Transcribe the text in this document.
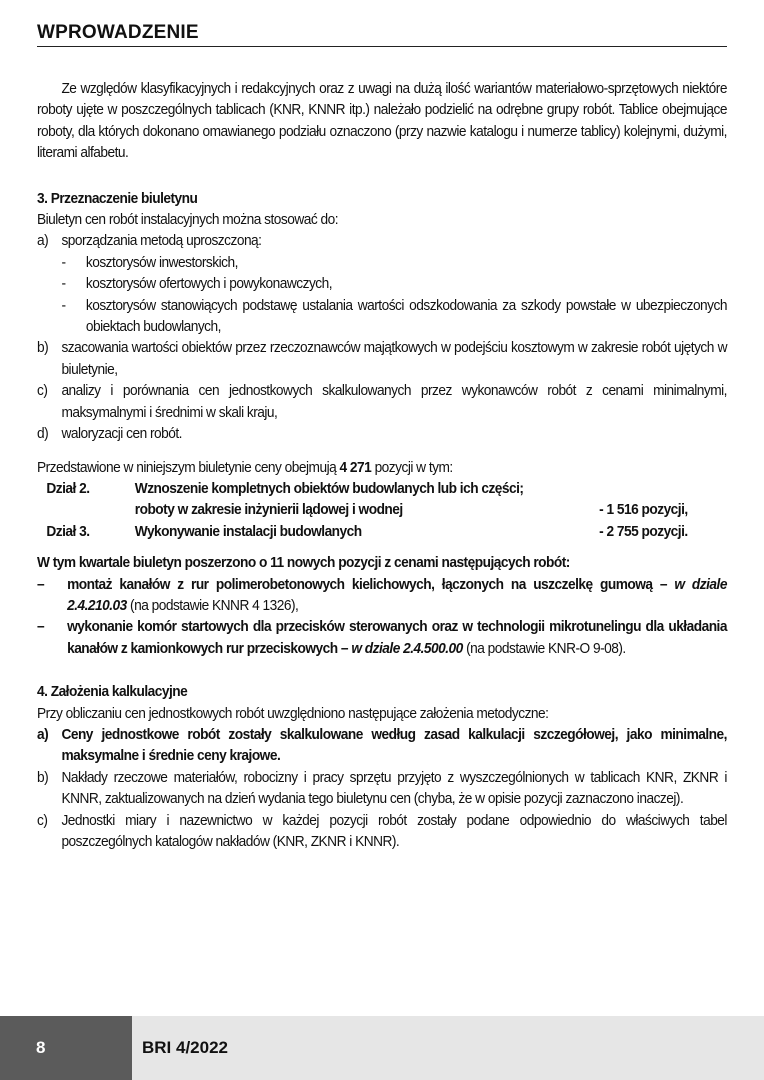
WPROWADZENIE

Ze względów klasyfikacyjnych i redakcyjnych oraz z uwagi na dużą ilość wariantów materiałowo-sprzętowych niektóre roboty ujęte w poszczególnych tablicach (KNR, KNNR itp.) należało podzielić na odrębne grupy robót. Tablice obejmujące roboty, dla których dokonano omawianego podziału oznaczono (przy nazwie katalogu i numerze tablicy) kolejnymi, dużymi, literami alfabetu.

3. Przeznaczenie biuletynu

Biuletyn cen robót instalacyjnych można stosować do:

a) sporządzania metodą uproszczoną:
-	kosztorysów inwestorskich,
-	kosztorysów ofertowych i powykonawczych,
-	kosztorysów stanowiących podstawę ustalania wartości odszkodowania za szkody powstałe w ubezpieczonych obiektach budowlanych,
b) szacowania wartości obiektów przez rzeczoznawców majątkowych w podejściu kosztowym w zakresie robót ujętych w biuletynie,
c) analizy i porównania cen jednostkowych skalkulowanych przez wykonawców robót z cenami minimalnymi, maksymalnymi i średnimi w skali kraju,
d) waloryzacji cen robót.

Przedstawione w niniejszym biuletynie ceny obejmują 4 271 pozycji w tym:

Dział 2.	Wznoszenie kompletnych obiektów budowlanych lub ich części;
roboty w zakresie inżynierii lądowej i wodnej	- 1 516 pozycji,
Dział 3.	Wykonywanie instalacji budowlanych	- 2 755 pozycji.

W tym kwartale biuletyn poszerzono o 11 nowych pozycji z cenami następujących robót:

–	montaż kanałów z rur polimerobetonowych kielichowych, łączonych na uszczelkę gumową – w dziale 2.4.210.03 (na podstawie KNNR 4 1326),
–	wykonanie komór startowych dla przecisków sterowanych oraz w technologii mikrotunelingu dla układania kanałów z kamionkowych rur przeciskowych – w dziale 2.4.500.00 (na podstawie KNR-O 9-08).

4. Założenia kalkulacyjne

Przy obliczaniu cen jednostkowych robót uwzględniono następujące założenia metodyczne:

a) Ceny jednostkowe robót zostały skalkulowane według zasad kalkulacji szczegółowej, jako minimalne, maksymalne i średnie ceny krajowe.
b) Nakłady rzeczowe materiałów, robocizny i pracy sprzętu przyjęto z wyszczególnionych w tablicach KNR, ZKNR i KNNR, zaktualizowanych na dzień wydania tego biuletynu cen (chyba, że w opisie pozycji zaznaczono inaczej).
c) Jednostki miary i nazewnictwo w każdej pozycji robót zostały podane odpowiednio do właściwych tabel poszczególnych katalogów nakładów (KNR, ZKNR i KNNR).
8	BRI 4/2022
